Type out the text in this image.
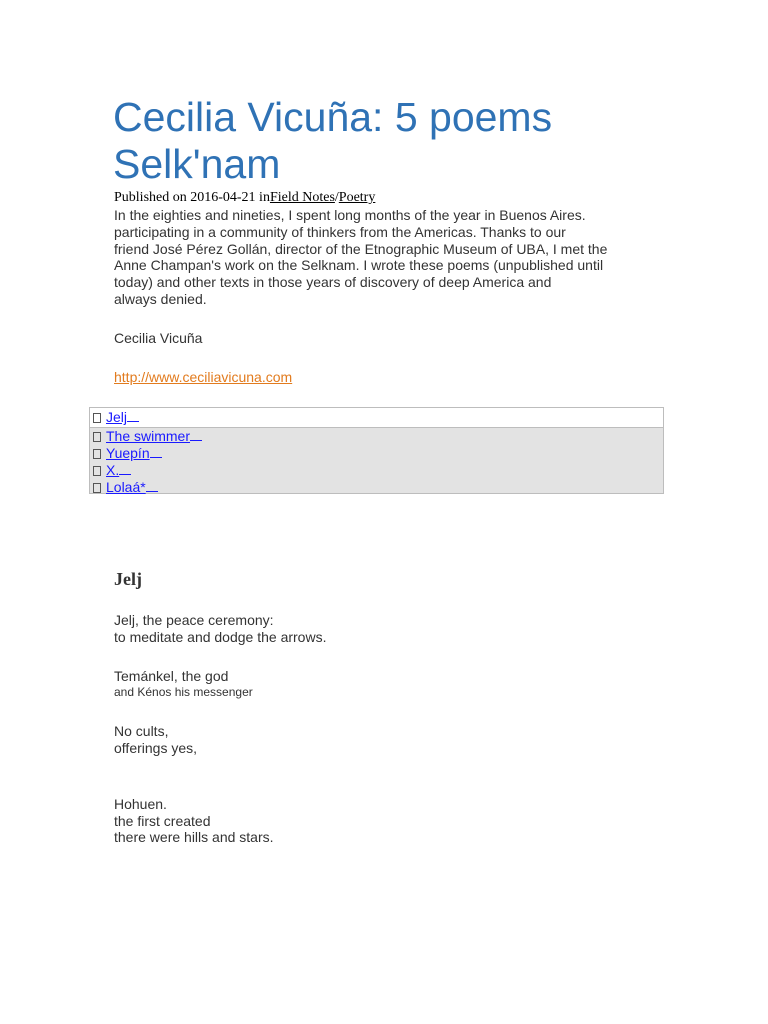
Cecilia Vicuña: 5 poems Selk'nam
Published on 2016-04-21 inField Notes/Poetry

In the eighties and nineties, I spent long months of the year in Buenos Aires.
participating in a community of thinkers from the Americas. Thanks to our
friend José Pérez Gollán, director of the Etnographic Museum of UBA, I met the
Anne Champan's work on the Selknam. I wrote these poems (unpublished until
today) and other texts in those years of discovery of deep America and
always denied.

Cecilia Vicuña
http://www.ceciliavicuna.com
Jelj
The swimmer
Yuepín
X.
Lolaá*
Jelj
Jelj, the peace ceremony:
to meditate and dodge the arrows.
Temánkel, the god
and Kénos his messenger
No cults,
offerings yes,
Hohuen.
the first created
there were hills and stars.
